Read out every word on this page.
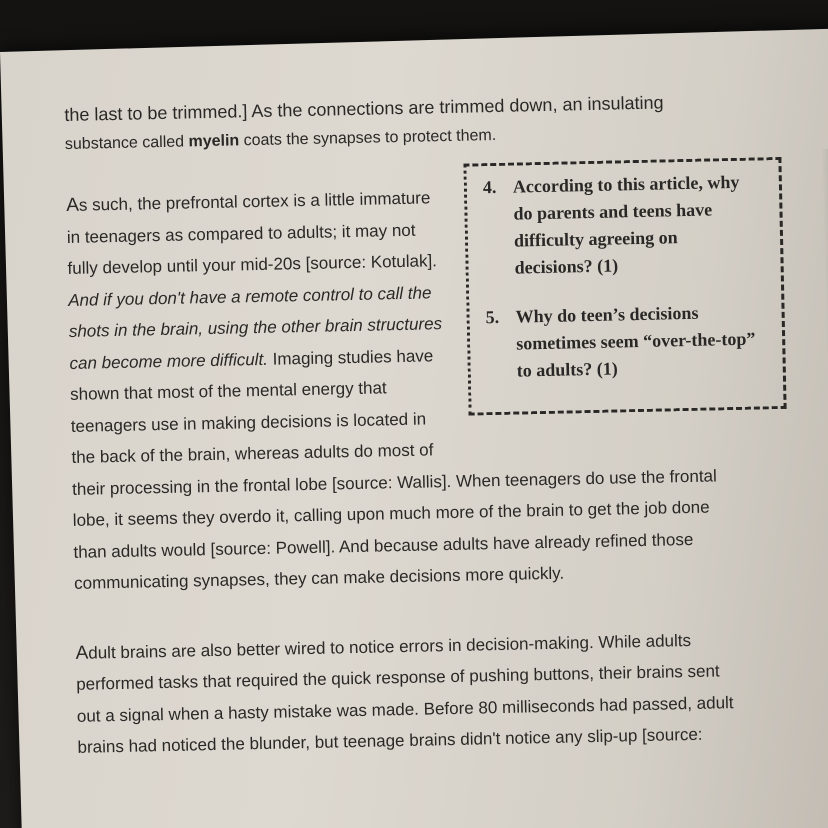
the last to be trimmed.] As the connections are trimmed down, an insulating
substance called myelin coats the synapses to protect them.
As such, the prefrontal cortex is a little immature
in teenagers as compared to adults; it may not
fully develop until your mid-20s [source: Kotulak].
And if you don't have a remote control to call the
shots in the brain, using the other brain structures
can become more difficult. Imaging studies have
shown that most of the mental energy that
teenagers use in making decisions is located in
the back of the brain, whereas adults do most of
their processing in the frontal lobe [source: Wallis]. When teenagers do use the frontal
lobe, it seems they overdo it, calling upon much more of the brain to get the job done
than adults would [source: Powell]. And because adults have already refined those
communicating synapses, they can make decisions more quickly.
4. According to this article, why do parents and teens have difficulty agreeing on decisions? (1)
5. Why do teen’s decisions sometimes seem “over-the-top” to adults? (1)
Adult brains are also better wired to notice errors in decision-making. While adults
performed tasks that required the quick response of pushing buttons, their brains sent
out a signal when a hasty mistake was made. Before 80 milliseconds had passed, adult
brains had noticed the blunder, but teenage brains didn't notice any slip-up [source:
